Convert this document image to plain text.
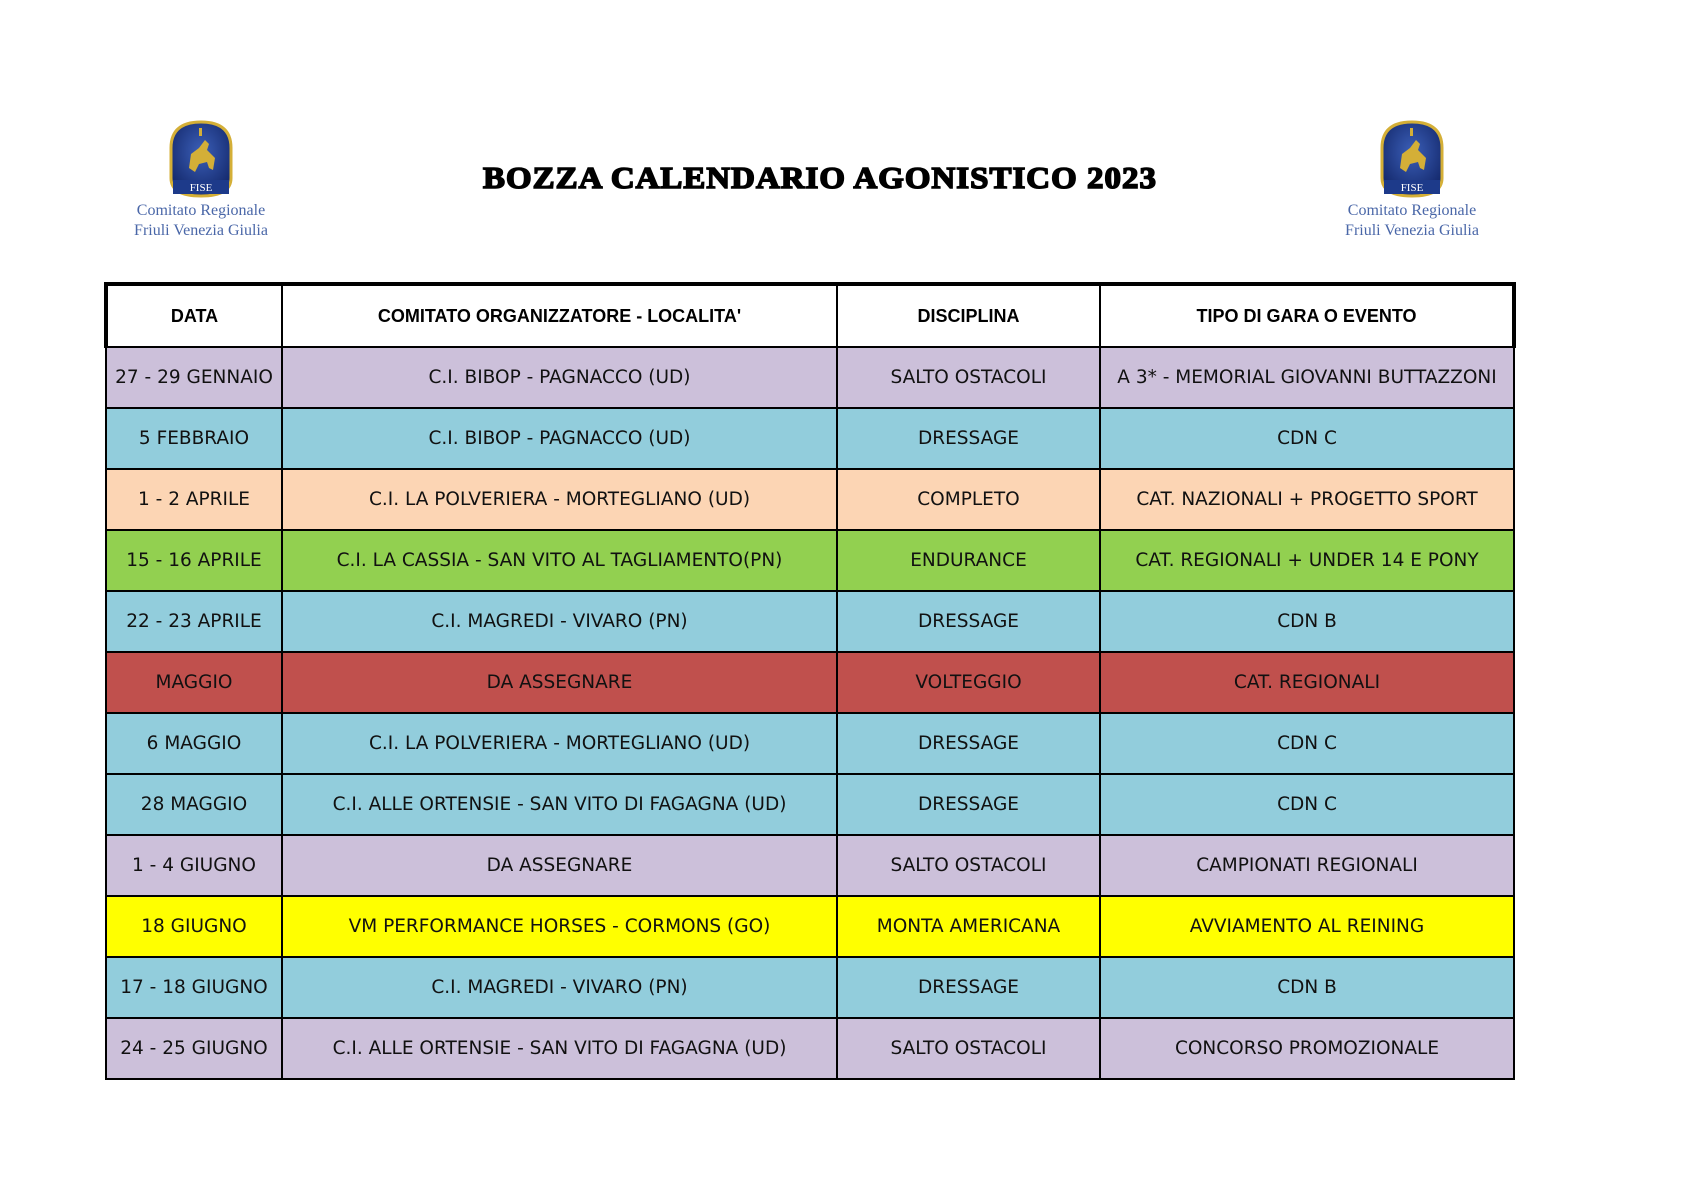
FISE
Comitato Regionale
Friuli Venezia Giulia
BOZZA CALENDARIO AGONISTICO 2023	FISE
Comitato Regionale
Friuli Venezia Giulia
DATA	COMITATO ORGANIZZATORE - LOCALITA'	DISCIPLINA	TIPO DI GARA O EVENTO
27 - 29 GENNAIO	C.I. BIBOP - PAGNACCO (UD)	SALTO OSTACOLI	A 3* - MEMORIAL GIOVANNI BUTTAZZONI
5 FEBBRAIO	C.I. BIBOP - PAGNACCO (UD)	DRESSAGE	CDN C
1 - 2 APRILE	C.I. LA POLVERIERA - MORTEGLIANO (UD)	COMPLETO	CAT. NAZIONALI + PROGETTO SPORT
15 - 16 APRILE	C.I. LA CASSIA - SAN VITO AL TAGLIAMENTO(PN)	ENDURANCE	CAT. REGIONALI + UNDER 14 E PONY
22 - 23 APRILE	C.I. MAGREDI - VIVARO (PN)	DRESSAGE	CDN B
MAGGIO	DA ASSEGNARE	VOLTEGGIO	CAT. REGIONALI
6 MAGGIO	C.I. LA POLVERIERA - MORTEGLIANO (UD)	DRESSAGE	CDN C
28 MAGGIO	C.I. ALLE ORTENSIE - SAN VITO DI FAGAGNA (UD)	DRESSAGE	CDN C
1 - 4 GIUGNO	DA ASSEGNARE	SALTO OSTACOLI	CAMPIONATI REGIONALI
18 GIUGNO	VM PERFORMANCE HORSES - CORMONS (GO)	MONTA AMERICANA	AVVIAMENTO AL REINING
17 - 18 GIUGNO	C.I. MAGREDI - VIVARO (PN)	DRESSAGE	CDN B
24 - 25 GIUGNO	C.I. ALLE ORTENSIE - SAN VITO DI FAGAGNA (UD)	SALTO OSTACOLI	CONCORSO PROMOZIONALE
